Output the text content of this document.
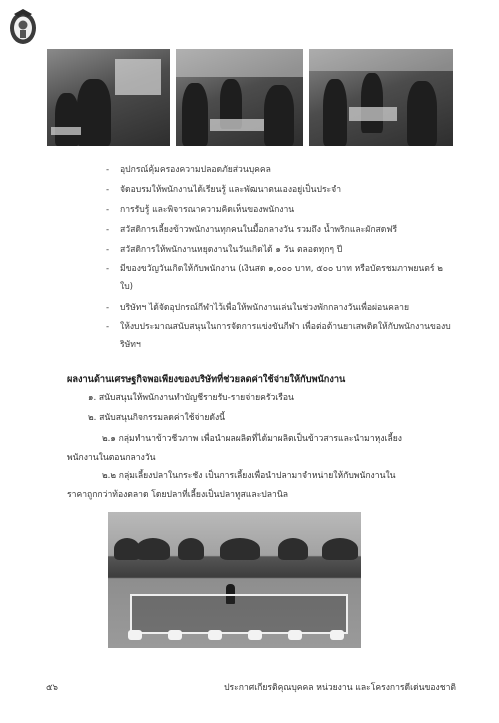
- อุปกรณ์คุ้มครองความปลอดภัยส่วนบุคคล
- จัดอบรมให้พนักงานได้เรียนรู้ และพัฒนาตนเองอยู่เป็นประจำ
- การรับรู้ และพิจารณาความคิดเห็นของพนักงาน
- สวัสดิการเลี้ยงข้าวพนักงานทุกคนในมื้อกลางวัน รวมถึง น้ำพริกและผักสดฟรี
- สวัสดิการให้พนักงานหยุดงานในวันเกิดได้ ๑ วัน ตลอดทุกๆ ปี
- มีของขวัญวันเกิดให้กับพนักงาน (เงินสด ๑,๐๐๐ บาท, ๕๐๐ บาท หรือบัตรชมภาพยนตร์ ๒ ใบ)
- บริษัทฯ ได้จัดอุปกรณ์กีฬาไว้เพื่อให้พนักงานเล่นในช่วงพักกลางวันเพื่อผ่อนคลาย
- ให้งบประมาณสนับสนุนในการจัดการแข่งขันกีฬา เพื่อต่อต้านยาเสพติดให้กับพนักงานของบริษัทฯ
ผลงานด้านเศรษฐกิจพอเพียงของบริษัทที่ช่วยลดค่าใช้จ่ายให้กับพนักงาน
๑. สนับสนุนให้พนักงานทำบัญชีรายรับ-รายจ่ายครัวเรือน
๒. สนับสนุนกิจกรรมลดค่าใช้จ่ายดังนี้
๒.๑ กลุ่มทำนาข้าวชีวภาพ เพื่อนำผลผลิตที่ได้มาผลิตเป็นข้าวสารและนำมาหุงเลี้ยง
พนักงานในตอนกลางวัน
๒.๒ กลุ่มเลี้ยงปลาในกระชัง เป็นการเลี้ยงเพื่อนำปลามาจำหน่ายให้กับพนักงานใน
ราคาถูกกว่าท้องตลาด โดยปลาที่เลี้ยงเป็นปลาทูสและปลานิล
๕๖	ประกาศเกียรติคุณบุคคล หน่วยงาน และโครงการดีเด่นของชาติ
